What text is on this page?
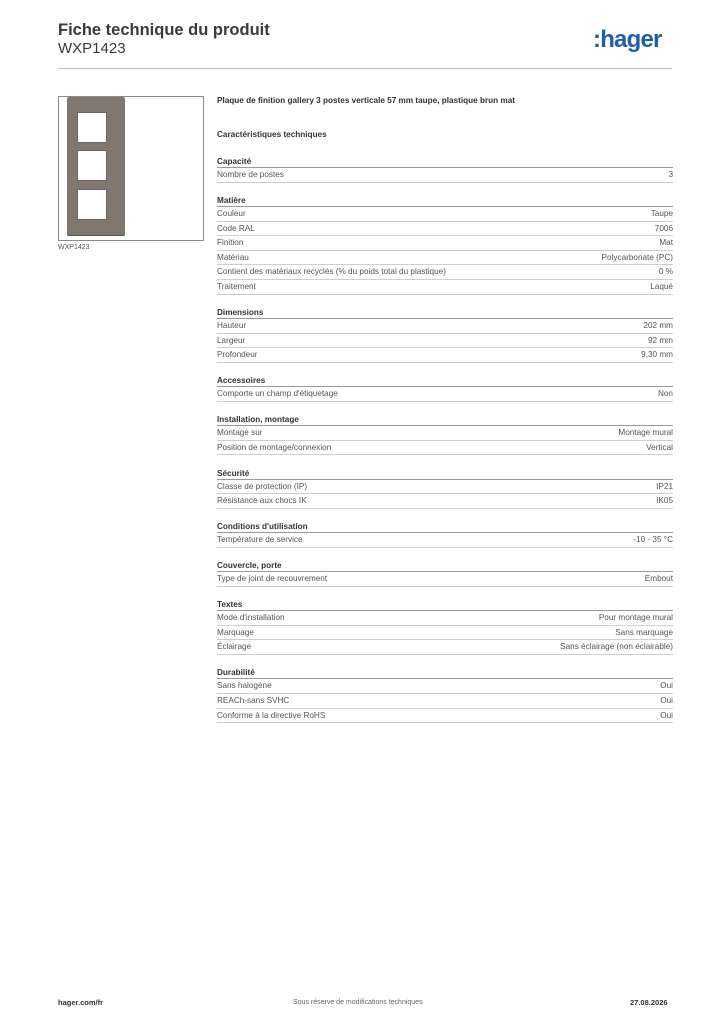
Fiche technique du produit
WXP1423	:hager
WXP1423
Plaque de finition gallery 3 postes verticale 57 mm taupe, plastique brun mat
Caractéristiques techniques
Capacité
Nombre de postes	3
Matière
Couleur	Taupe
Code RAL	7006
Finition	Mat
Matériau	Polycarbonate (PC)
Contient des matériaux recyclés (% du poids total du plastique)	0 %
Traitement	Laqué
Dimensions
Hauteur	202 mm
Largeur	92 mm
Profondeur	9,30 mm
Accessoires
Comporte un champ d'étiquetage	Non
Installation, montage
Montage sur	Montage mural
Position de montage/connexion	Vertical
Sécurité
Classe de protection (IP)	IP21
Résistance aux chocs IK	IK05
Conditions d'utilisation
Température de service	-10 - 35 °C
Couvercle, porte
Type de joint de recouvrement	Embout
Textes
Mode d'installation	Pour montage mural
Marquage	Sans marquage
Éclairage	Sans éclairage (non éclairable)
Durabilité
Sans halogène	Oui
REACh-sans SVHC	Oui
Conforme à la directive RoHS	Oui
hager.com/fr	Sous réserve de modifications techniques	27.08.2026
